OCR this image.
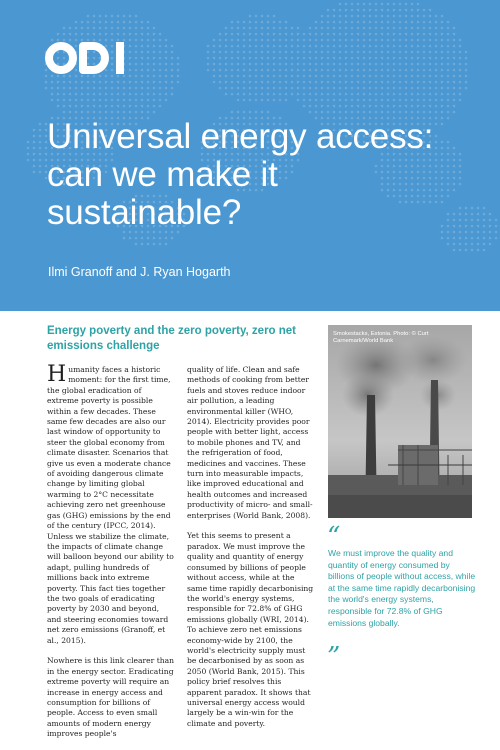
Universal energy access: can we make it sustainable?
Ilmi Granoff and J. Ryan Hogarth
Energy poverty and the zero poverty, zero net emissions challenge

Humanity faces a historic moment: for the first time, the global eradication of extreme poverty is possible within a few decades. These same few decades are also our last window of opportunity to steer the global economy from climate disaster. Scenarios that give us even a moderate chance of avoiding dangerous climate change by limiting global warming to 2°C necessitate achieving zero net greenhouse gas (GHG) emissions by the end of the century (IPCC, 2014). Unless we stabilize the climate, the impacts of climate change will balloon beyond our ability to adapt, pulling hundreds of millions back into extreme poverty. This fact ties together the two goals of eradicating poverty by 2030 and beyond, and steering economies toward net zero emissions (Granoff, et al., 2015).

Nowhere is this link clearer than in the energy sector. Eradicating extreme poverty will require an increase in energy access and consumption for billions of people. Access to even small amounts of modern energy improves people's

quality of life. Clean and safe methods of cooking from better fuels and stoves reduce indoor air pollution, a leading environmental killer (WHO, 2014). Electricity provides poor people with better light, access to mobile phones and TV, and the refrigeration of food, medicines and vaccines. These turn into measurable impacts, like improved educational and health outcomes and increased productivity of micro- and small-enterprises (World Bank, 2008).

Yet this seems to present a paradox. We must improve the quality and quantity of energy consumed by billions of people without access, while at the same time rapidly decarbonising the world's energy systems, responsible for 72.8% of GHG emissions globally (WRI, 2014). To achieve zero net emissions economy-wide by 2100, the world's electricity supply must be decarbonised by as soon as 2050 (World Bank, 2015). This policy brief resolves this apparent paradox. It shows that universal energy access would largely be a win-win for the climate and poverty.

Smokestacks, Estonia. Photo: © Curt Carnemark/World Bank
“
We must improve the quality and quantity of energy consumed by billions of people without access, while at the same time rapidly decarbonising the world's energy systems, responsible for 72.8% of GHG emissions globally.
”
